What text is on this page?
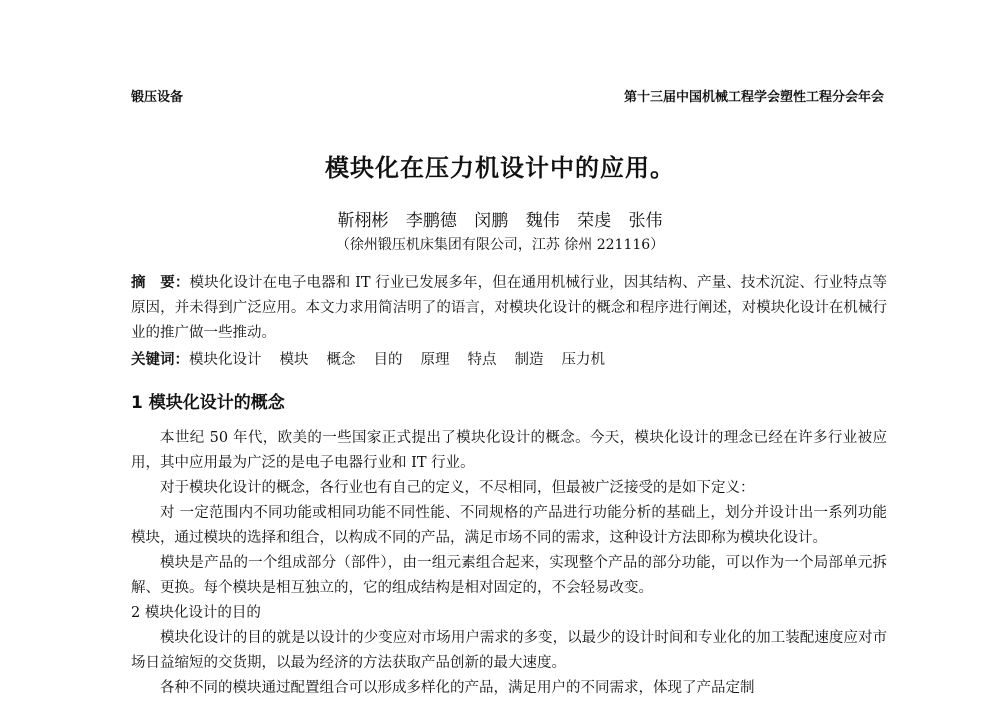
锻压设备	第十三届中国机械工程学会塑性工程分会年会
模块化在压力机设计中的应用。
靳栩彬 李鹏德 闵鹏 魏伟 荣虔 张伟
（徐州锻压机床集团有限公司，江苏 徐州 221116）
摘　要：模块化设计在电子电器和 IT 行业已发展多年，但在通用机械行业，因其结构、产量、技术沉淀、行业特点等原因，并未得到广泛应用。本文力求用简洁明了的语言，对模块化设计的概念和程序进行阐述，对模块化设计在机械行业的推广做一些推动。
关键词：模块化设计 模块 概念 目的 原理 特点 制造 压力机
1 模块化设计的概念

本世纪 50 年代，欧美的一些国家正式提出了模块化设计的概念。今天，模块化设计的理念已经在许多行业被应用，其中应用最为广泛的是电子电器行业和 IT 行业。

对于模块化设计的概念，各行业也有自己的定义，不尽相同，但最被广泛接受的是如下定义：

对 一定范围内不同功能或相同功能不同性能、不同规格的产品进行功能分析的基础上，划分并设计出一系列功能模块，通过模块的选择和组合，以构成不同的产品，满足市场不同的需求，这种设计方法即称为模块化设计。

模块是产品的一个组成部分（部件），由一组元素组合起来，实现整个产品的部分功能，可以作为一个局部单元拆解、更换。每个模块是相互独立的，它的组成结构是相对固定的，不会轻易改变。

2 模块化设计的目的

模块化设计的目的就是以设计的少变应对市场用户需求的多变，以最少的设计时间和专业化的加工装配速度应对市场日益缩短的交货期，以最为经济的方法获取产品创新的最大速度。

各种不同的模块通过配置组合可以形成多样化的产品，满足用户的不同需求，体现了产品定制
